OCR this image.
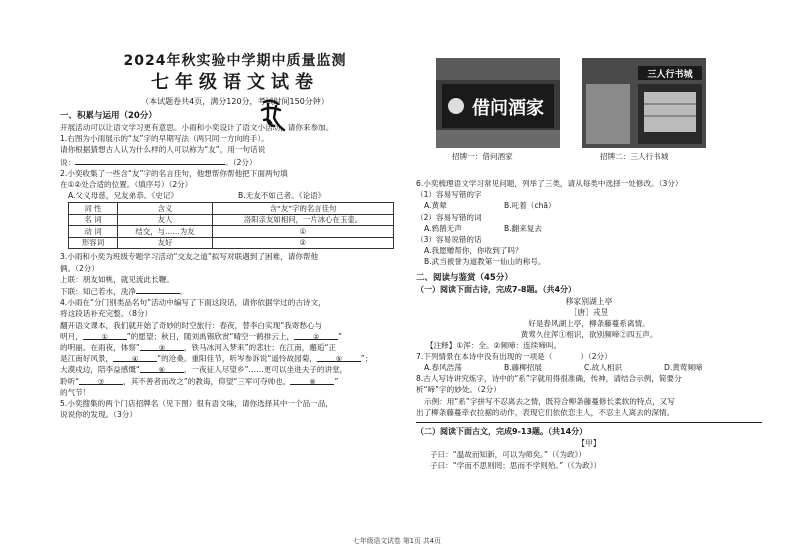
2024年秋实验中学期中质量监测
七年级语文试卷
（本试题卷共4页，满分120分，考试时间150分钟）
一、积累与运用（20分）

开展活动可以让语文学习更有意思。小雨和小奕设计了语文小活动，请你来参加。

1.右图为小雨展示的“友”字的早期写法（两只同一方向的手）。

请你根据猜想古人认为什么样的人可以称为“友”，用一句话说

说：	。（2分）

2.小奕收集了一些含“友”字的名言佳句，他想帮你帮他把下面两句填

在①②处合适的位置。（填序号）（2分）

A.父义母慈，兄友弟恭。《史记》	B.无友不如己者。《论语》

词 性	含义	含“友”字的名言佳句
名 词	友人	洛阳亲友如相问，一片冰心在玉壶。
动 词	结交，与……为友	①
形容词	友好	②

3.小雨和小奕为班级专题学习活动“交友之道”拟写对联遇到了困难，请你帮他

俩。（2分）

上联：朋友如桃，就见流此长鞭。

下联：知己若水，洗净	。

4.小雨在“分门别类品名句”活动中编写了下面这段话，请你依据学过的古诗文，

将这段话补充完整。（8分）

翻开语文课本，我们就开始了奇妙的时空旅行：春夜，替李白实现“我寄愁心与

明月，	① ”的愿望；秋日，随刘禹锡欣赏“晴空一鹤排云上，	② ”

的明丽。在雨夜，体察“	③ ，铁马冰河入梦来”的悲壮；在江南，邂逅“正

是江南好风景，	④ ”的沧桑。重阳佳节，听岑参诉说“遥怜故园菊，	⑤ ”；

大漠戍边，陪李益感慨“	⑥ ，一夜征人尽望乡”……更可以坐进夫子的讲堂，

聆听“	⑦ ，其不善者而改之”的教诲，仰望“三军可夺帅也，	⑧ ”

的气节！

5.小奕搜集的两个门店招牌名（见下图）很有语文味，请你选择其中一个品一品，

说说你的发现。（3分）

借问酒家
三人行书城
招牌一：借问酒家	招牌二：三人行书城

6.小奕梳理语文学习常见问题，列举了三类，请从每类中选择一处修改。（3分）

（1）容易写错的字

A.黄辇	B.吒着（chā）

（2）容易写错的词

A.鸦鹊无声	B.翻来复去

（3）容易说错的话

A.我愿赠帮你，你收到了吗？

B.武当被誉为道教第一仙山的称号。

二、阅读与鉴赏（45分）
（一）阅读下面古诗，完成7-8题。（共4分）
移家别湖上亭
［唐］戎昱
好是春风湖上亭，柳条藤蔓系离情。
黄莺久住浑①相识，欲别频啼②四五声。

【注释】①浑：全。②频啼：连续啼叫。

7.下列情景在本诗中没有出现的一项是（	）（2分）

A.春风浩荡	B.藤柳招展	C.故人相识	D.黄莺频啼

8.古人写诗讲究炼字，诗中的“系”字就用得很准确，传神，请结合示例，简要分

析“啼”字的妙处。（2分）

示例：用“系”字拼写不忍离去之情，既符合柳条藤蔓修长柔软的特点，又写

出了柳条藤蔓牵衣拉裾的动作，表现它们依依恋主人，不忍主人离去的深情。

（二）阅读下面古文，完成9-13题。（共14分）
【甲】

子曰：“温故而知新，可以为师矣。”（《为政》）

子曰：“学而不思则罔；思而不学则殆。”（《为政》）

七年级语文试卷 第1页 共4页
